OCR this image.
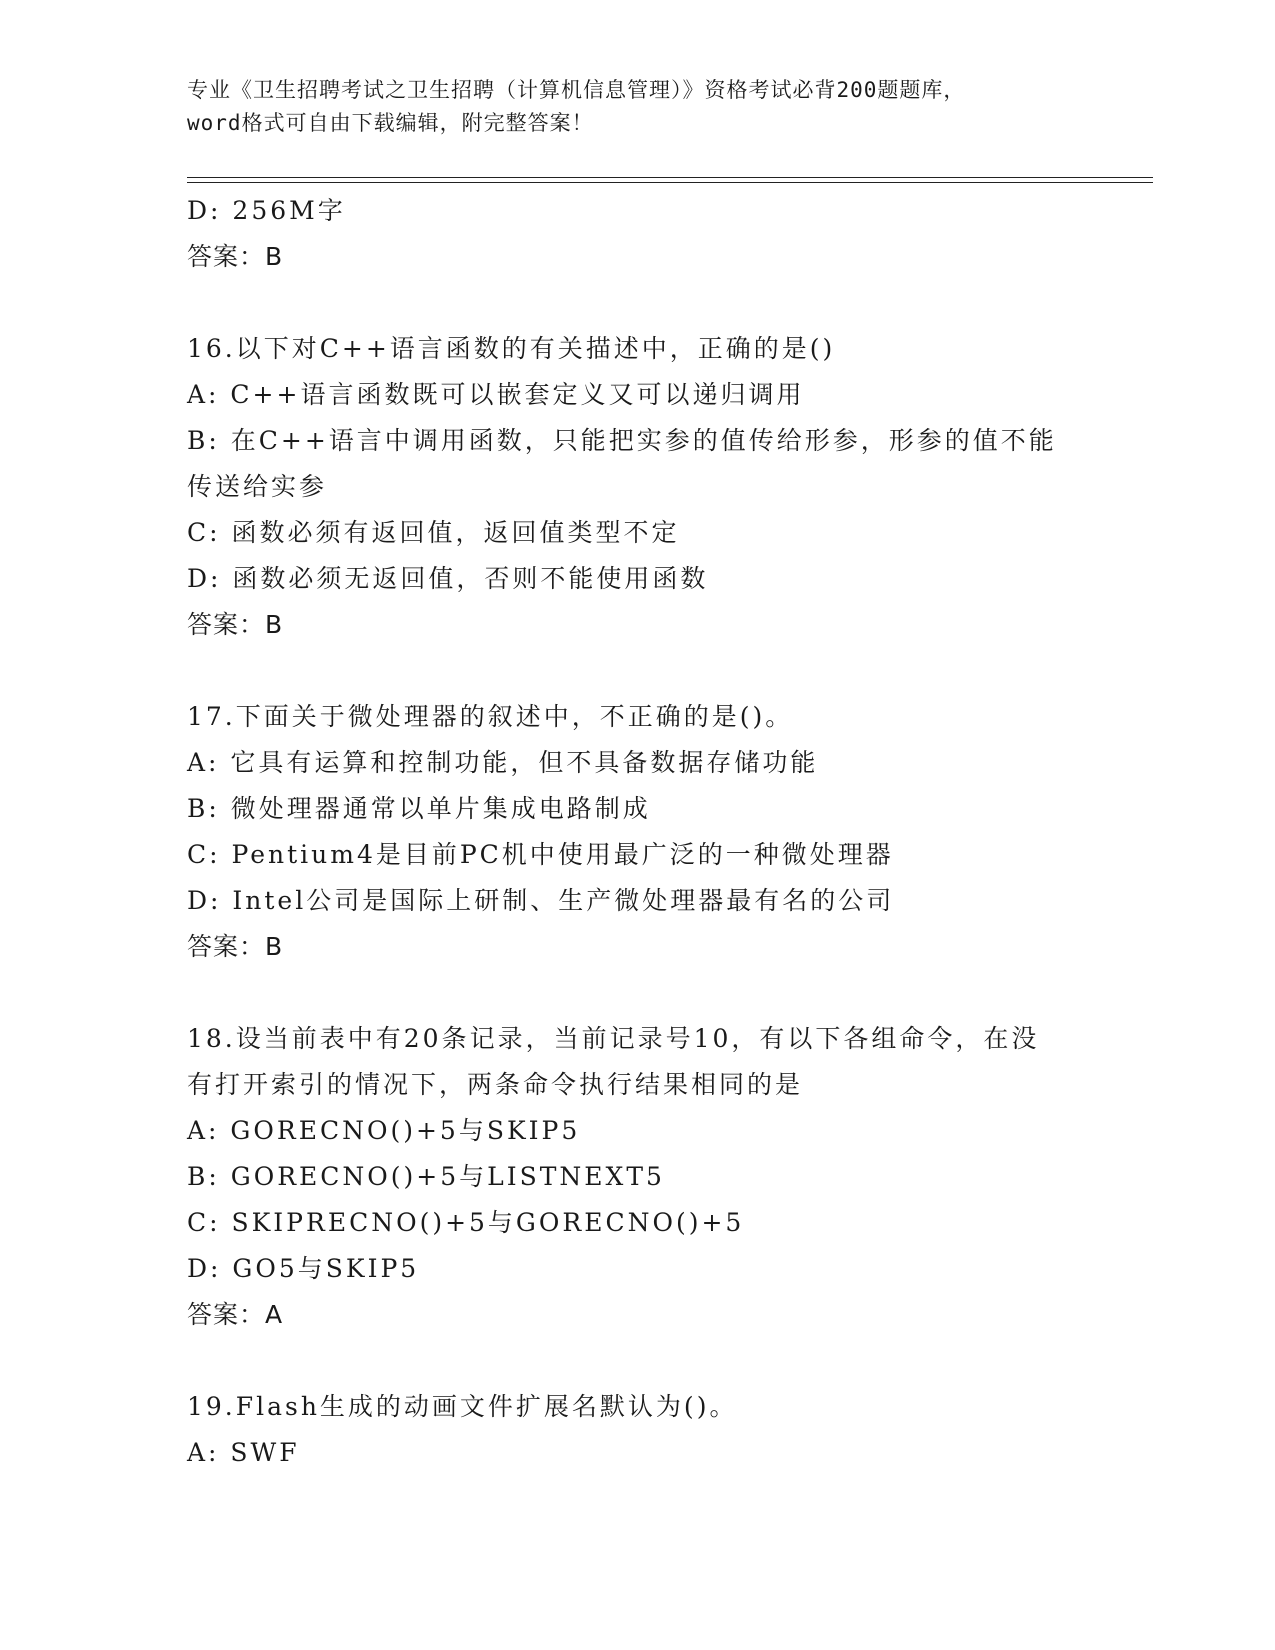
专业《卫生招聘考试之卫生招聘（计算机信息管理）》资格考试必背200题题库，
word格式可自由下载编辑，附完整答案！
D: 256M字
答案：B
16.以下对C++语言函数的有关描述中，正确的是()
A: C++语言函数既可以嵌套定义又可以递归调用
B: 在C++语言中调用函数，只能把实参的值传给形参，形参的值不能
传送给实参
C: 函数必须有返回值，返回值类型不定
D: 函数必须无返回值，否则不能使用函数
答案：B
17.下面关于微处理器的叙述中，不正确的是()。
A: 它具有运算和控制功能，但不具备数据存储功能
B: 微处理器通常以单片集成电路制成
C: Pentium4是目前PC机中使用最广泛的一种微处理器
D: Intel公司是国际上研制、生产微处理器最有名的公司
答案：B
18.设当前表中有20条记录，当前记录号10，有以下各组命令，在没
有打开索引的情况下，两条命令执行结果相同的是
A: GORECNO()+5与SKIP5
B: GORECNO()+5与LISTNEXT5
C: SKIPRECNO()+5与GORECNO()+5
D: GO5与SKIP5
答案：A
19.Flash生成的动画文件扩展名默认为()。
A: SWF
